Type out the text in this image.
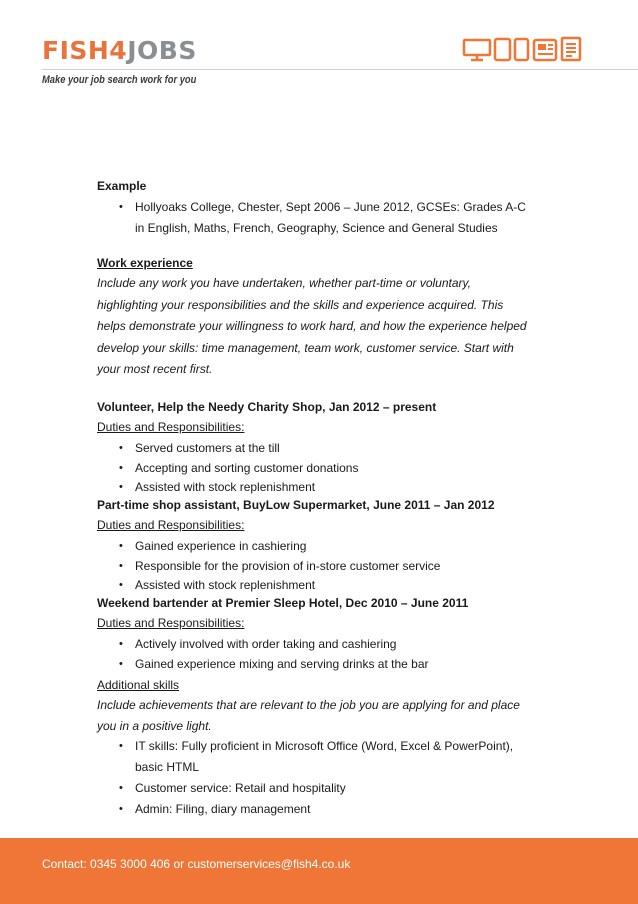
FISH4JOBS
Make your job search work for you
Example
• Hollyoaks College, Chester, Sept 2006 – June 2012, GCSEs: Grades A-C
in English, Maths, French, Geography, Science and General Studies
Work experience
Include any work you have undertaken, whether part-time or voluntary,
highlighting your responsibilities and the skills and experience acquired. This
helps demonstrate your willingness to work hard, and how the experience helped
develop your skills: time management, team work, customer service. Start with
your most recent first.
Volunteer, Help the Needy Charity Shop, Jan 2012 – present
Duties and Responsibilities:
• Served customers at the till
• Accepting and sorting customer donations
• Assisted with stock replenishment
Part-time shop assistant, BuyLow Supermarket, June 2011 – Jan 2012
Duties and Responsibilities:
• Gained experience in cashiering
• Responsible for the provision of in-store customer service
• Assisted with stock replenishment
Weekend bartender at Premier Sleep Hotel, Dec 2010 – June 2011
Duties and Responsibilities:
• Actively involved with order taking and cashiering
• Gained experience mixing and serving drinks at the bar
Additional skills
Include achievements that are relevant to the job you are applying for and place
you in a positive light.
• IT skills: Fully proficient in Microsoft Office (Word, Excel & PowerPoint),
basic HTML
• Customer service: Retail and hospitality
• Admin: Filing, diary management
Contact: 0345 3000 406 or customerservices@fish4.co.uk
